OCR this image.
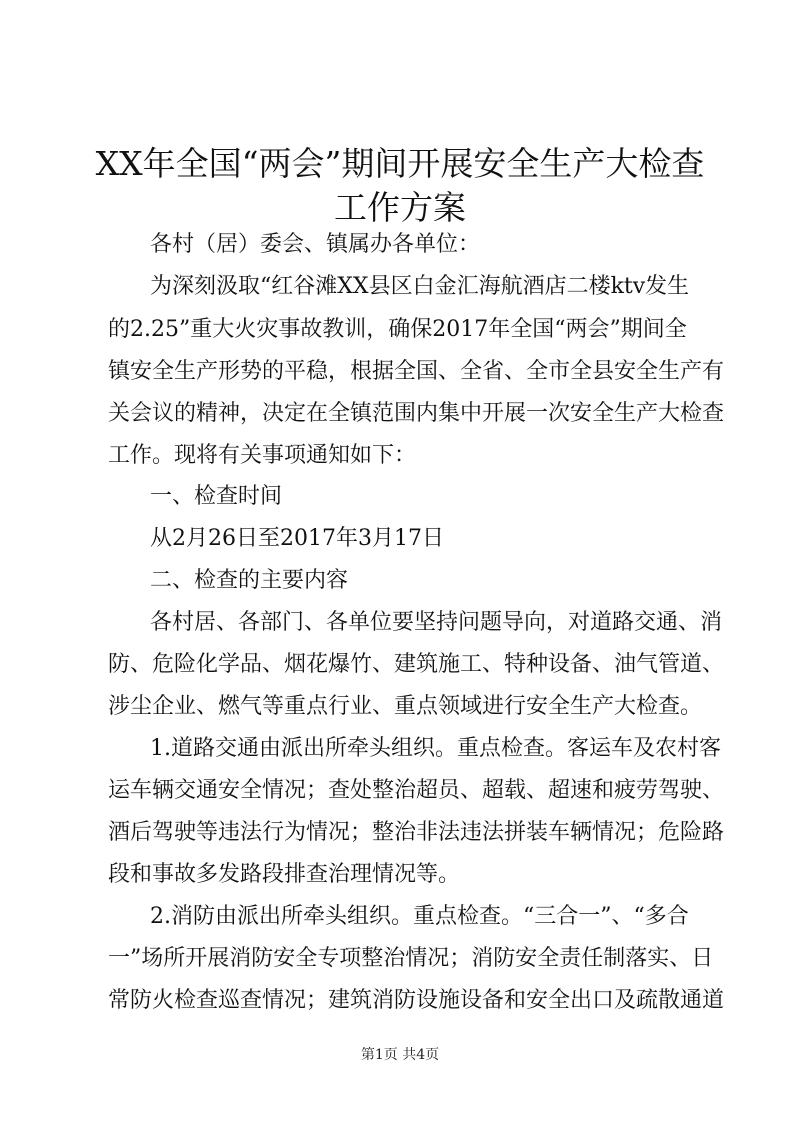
XX年全国“两会”期间开展安全生产大检查
工作方案

各村（居）委会、镇属办各单位：

为深刻汲取“红谷滩XX县区白金汇海航酒店二楼ktv发生

的2.25”重大火灾事故教训，确保2017年全国“两会”期间全

镇安全生产形势的平稳，根据全国、全省、全市全县安全生产有

关会议的精神，决定在全镇范围内集中开展一次安全生产大检查

工作。现将有关事项通知如下：

一、检查时间

从2月26日至2017年3月17日

二、检查的主要内容

各村居、各部门、各单位要坚持问题导向，对道路交通、消

防、危险化学品、烟花爆竹、建筑施工、特种设备、油气管道、

涉尘企业、燃气等重点行业、重点领域进行安全生产大检查。

1.道路交通由派出所牵头组织。重点检查。客运车及农村客

运车辆交通安全情况；查处整治超员、超载、超速和疲劳驾驶、

酒后驾驶等违法行为情况；整治非法违法拼装车辆情况；危险路

段和事故多发路段排查治理情况等。

2.消防由派出所牵头组织。重点检查。“三合一”、“多合

一”场所开展消防安全专项整治情况；消防安全责任制落实、日

常防火检查巡查情况；建筑消防设施设备和安全出口及疏散通道

第1页 共4页
